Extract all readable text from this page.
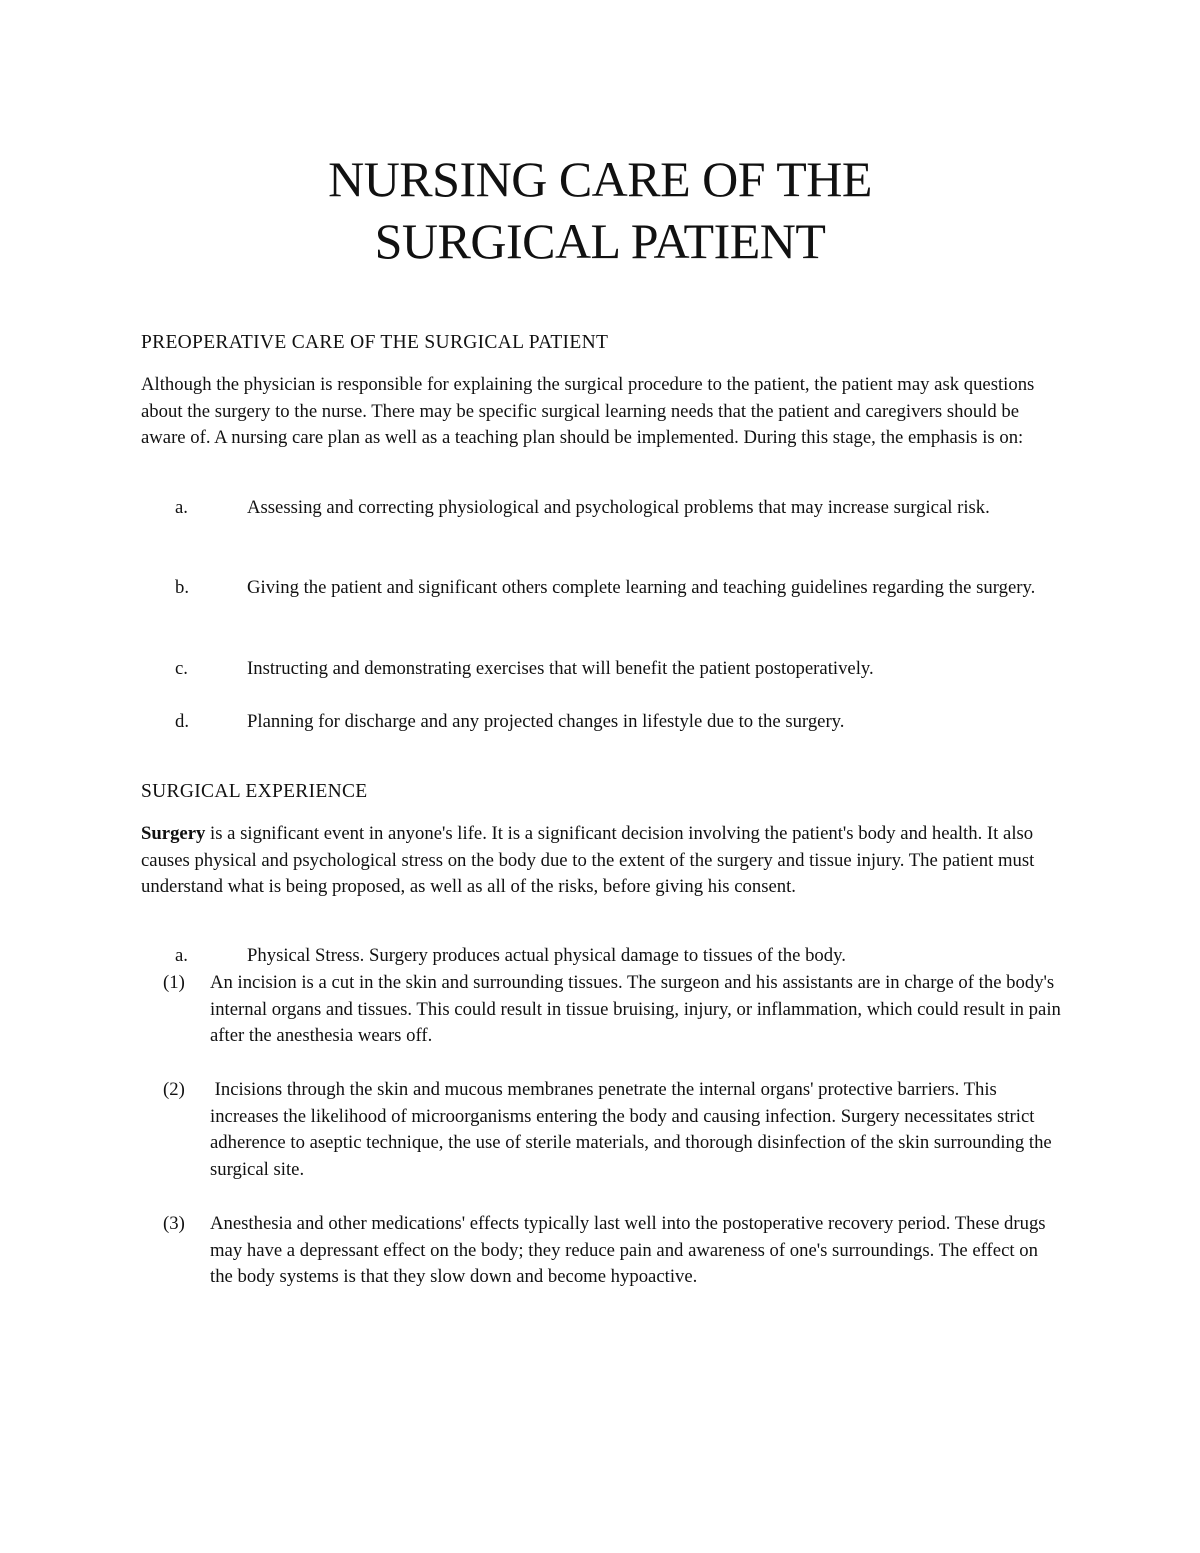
NURSING CARE OF THE
SURGICAL PATIENT
PREOPERATIVE CARE OF THE SURGICAL PATIENT

Although the physician is responsible for explaining the surgical procedure to the patient, the patient may ask questions about the surgery to the nurse. There may be specific surgical learning needs that the patient and caregivers should be aware of. A nursing care plan as well as a teaching plan should be implemented. During this stage, the emphasis is on:

a.	Assessing and correcting physiological and psychological problems that may increase surgical risk.
b.	Giving the patient and significant others complete learning and teaching guidelines regarding the surgery.
c.	Instructing and demonstrating exercises that will benefit the patient postoperatively.
d.	Planning for discharge and any projected changes in lifestyle due to the surgery.
SURGICAL EXPERIENCE

Surgery is a significant event in anyone's life. It is a significant decision involving the patient's body and health. It also causes physical and psychological stress on the body due to the extent of the surgery and tissue injury. The patient must understand what is being proposed, as well as all of the risks, before giving his consent.

a.	Physical Stress. Surgery produces actual physical damage to tissues of the body.
(1) An incision is a cut in the skin and surrounding tissues. The surgeon and his assistants are in charge of the body's internal organs and tissues. This could result in tissue bruising, injury, or inflammation, which could result in pain after the anesthesia wears off.
(2) Incisions through the skin and mucous membranes penetrate the internal organs' protective barriers. This increases the likelihood of microorganisms entering the body and causing infection. Surgery necessitates strict adherence to aseptic technique, the use of sterile materials, and thorough disinfection of the skin surrounding the surgical site.
(3) Anesthesia and other medications' effects typically last well into the postoperative recovery period. These drugs may have a depressant effect on the body; they reduce pain and awareness of one's surroundings. The effect on the body systems is that they slow down and become hypoactive.
